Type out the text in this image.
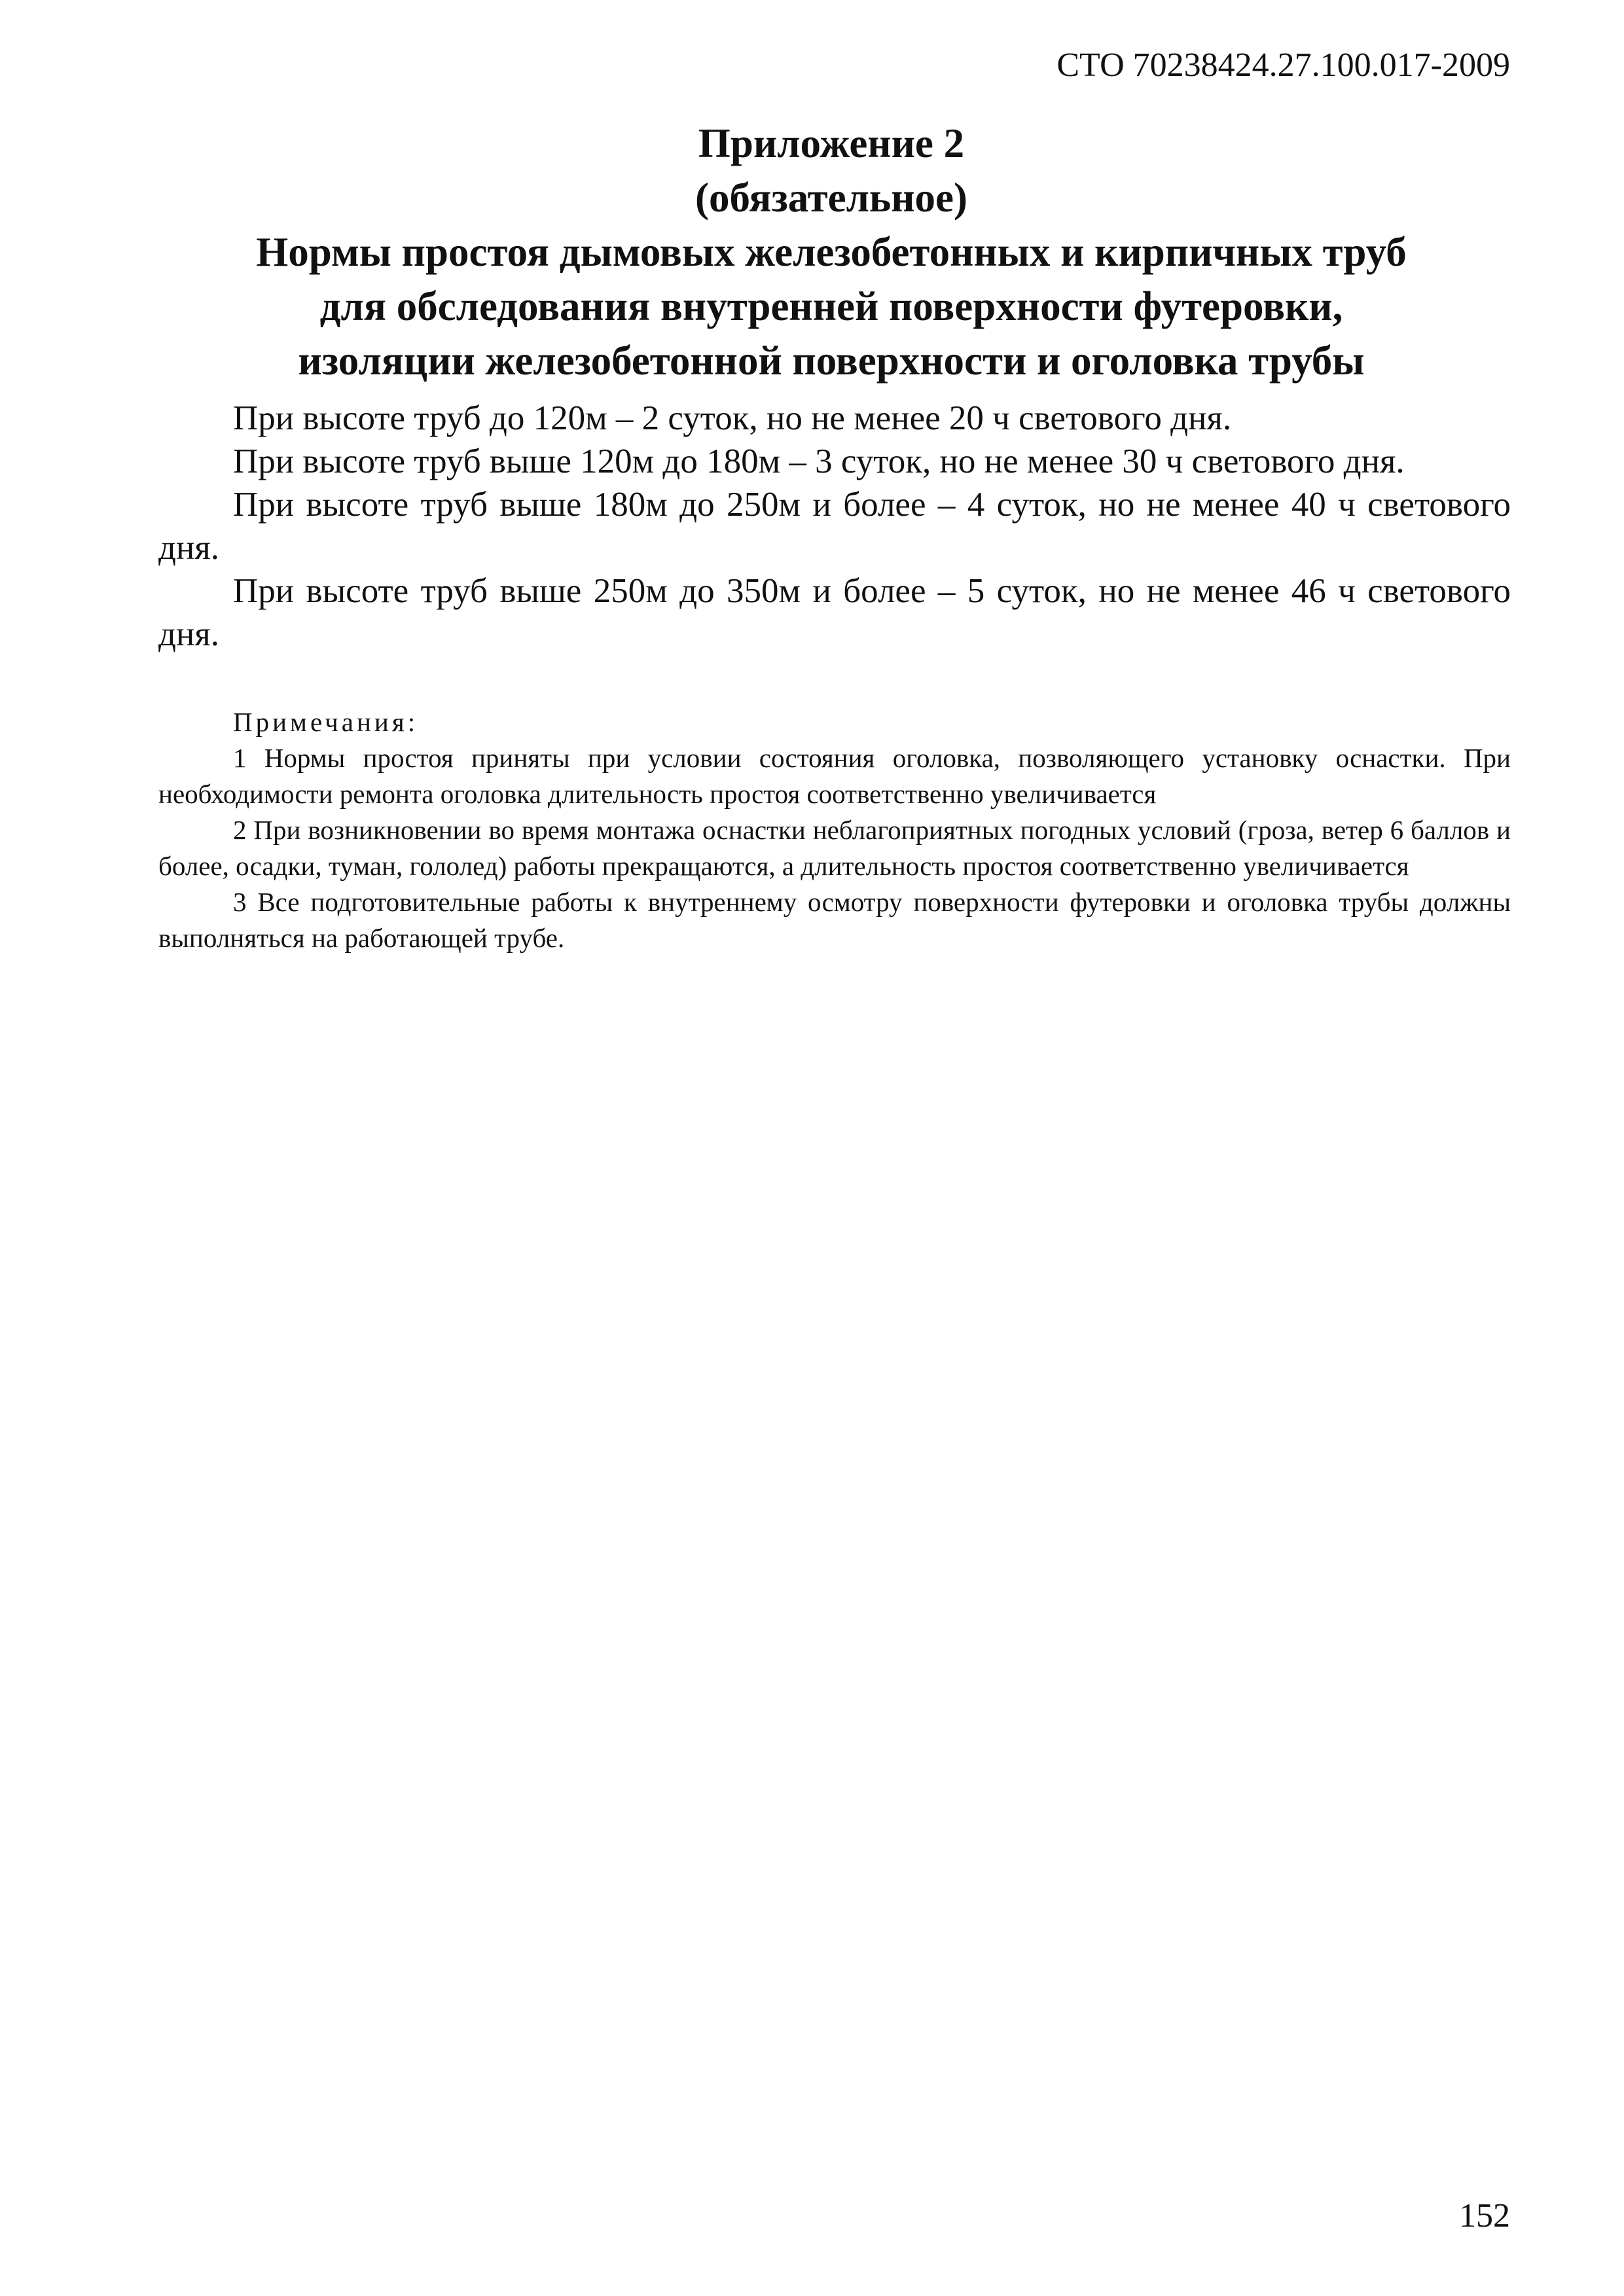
СТО 70238424.27.100.017-2009
Приложение 2
(обязательное)
Нормы простоя дымовых железобетонных и кирпичных труб
для обследования внутренней поверхности футеровки,
изоляции железобетонной поверхности и оголовка трубы

При высоте труб до 120м – 2 суток, но не менее 20 ч светового дня.

При высоте труб выше 120м до 180м – 3 суток, но не менее 30 ч светового дня.

При высоте труб выше 180м до 250м и более – 4 суток, но не менее 40 ч светового дня.

При высоте труб выше 250м до 350м и более – 5 суток, но не менее 46 ч светового дня.

Примечания:

1 Нормы простоя приняты при условии состояния оголовка, позволяющего установку оснастки. При необходимости ремонта оголовка длительность простоя соответственно увеличивается

2 При возникновении во время монтажа оснастки неблагоприятных погодных условий (гроза, ветер 6 баллов и более, осадки, туман, гололед) работы прекращаются, а длительность простоя соответственно увеличивается

3 Все подготовительные работы к внутреннему осмотру поверхности футеровки и оголовка трубы должны выполняться на работающей трубе.

152
